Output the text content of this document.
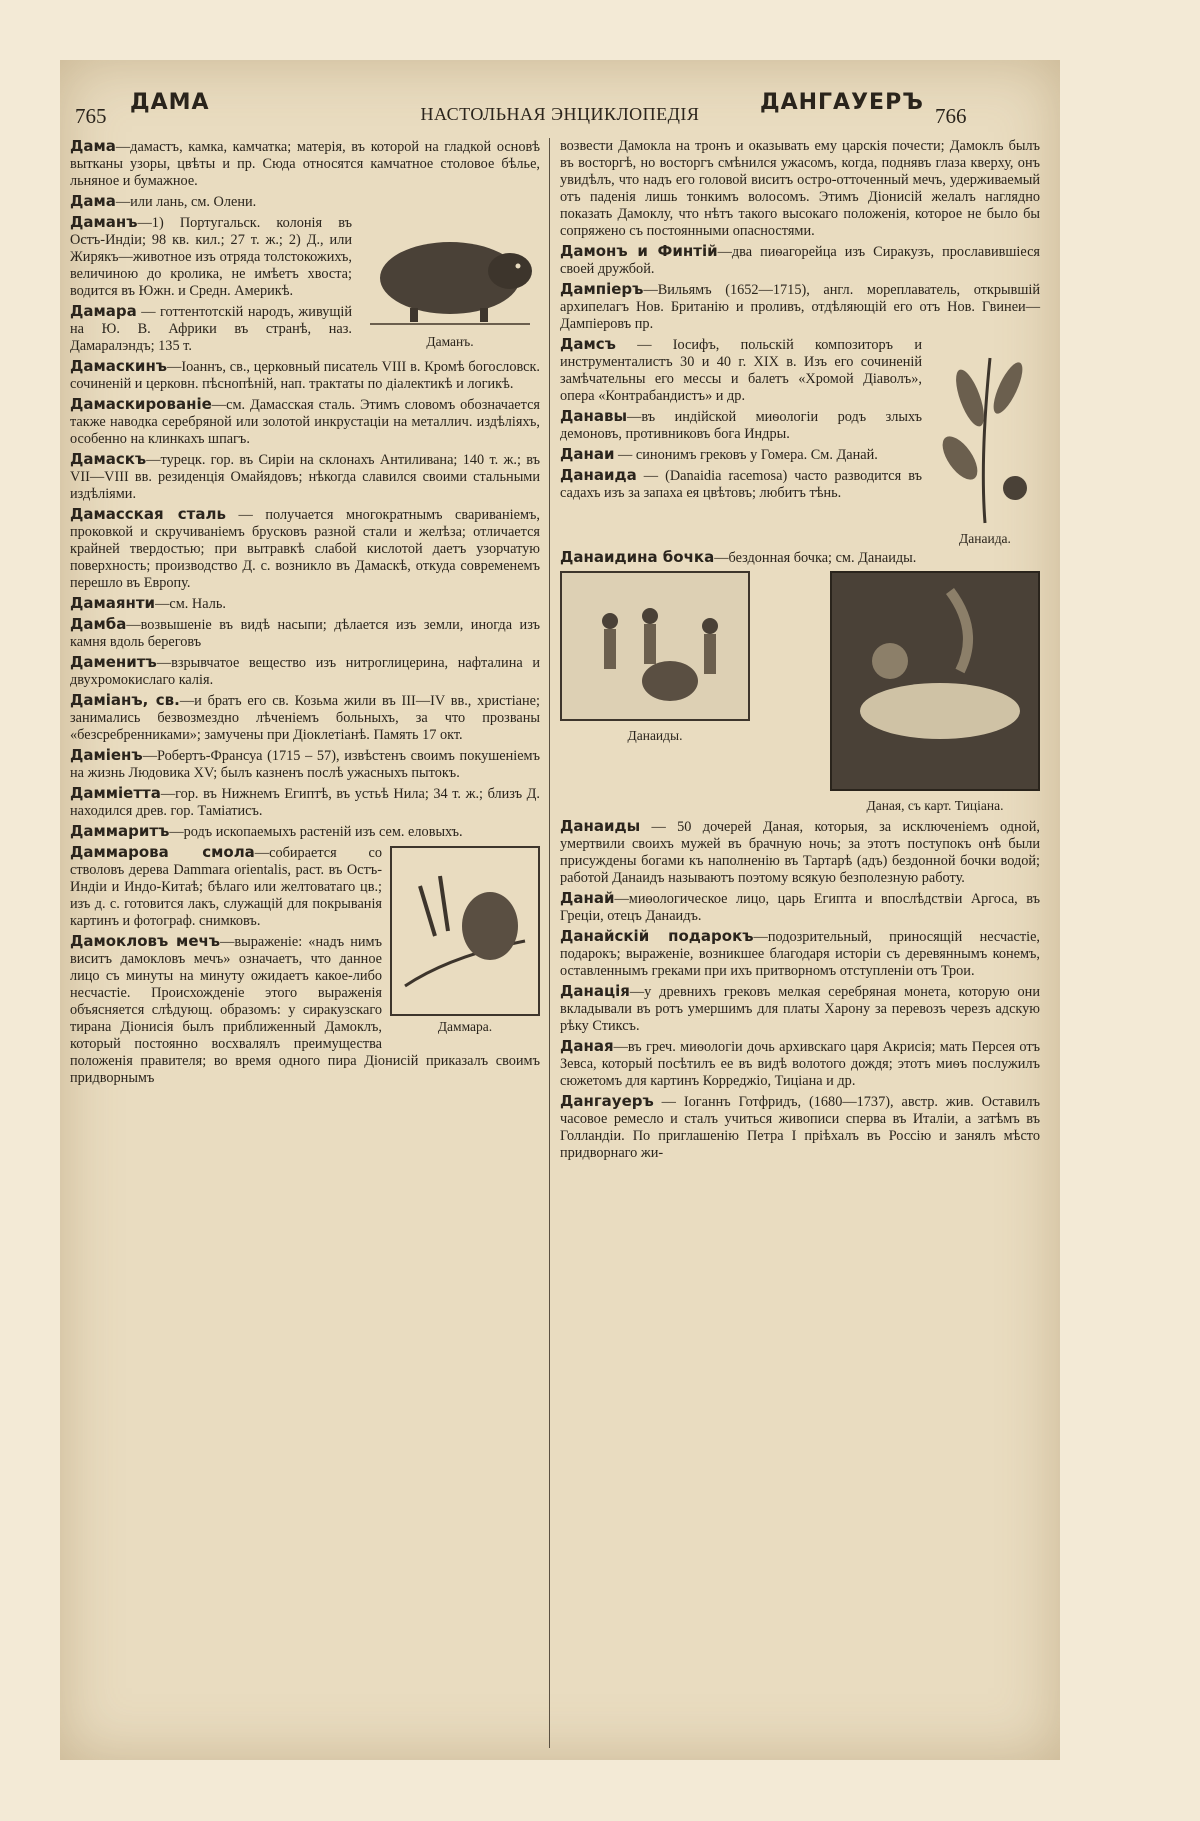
ДАМА	ДАНГАУЕРЪ
765	766
НАСТОЛЬНАЯ ЭНЦИКЛОПЕДІЯ

Дама—дамастъ, камка, камчатка; матерія, въ которой на гладкой основѣ вытканы узоры, цвѣты и пр. Сюда относятся камчатное столовое бѣлье, льняное и бумажное.

Дама—или лань, см. Олени.

Даманъ.

Даманъ—1) Португальск. колонія въ Остъ-Индіи; 98 кв. кил.; 27 т. ж.; 2) Д., или Жирякъ—животное изъ отряда толстокожихъ, величиною до кролика, не имѣетъ хвоста; водится въ Южн. и Средн. Америкѣ.

Дамара — готтентотскій народъ, живущій на Ю. В. Африки въ странѣ, наз. Дамаралэндъ; 135 т.

Дамаскинъ—Іоаннъ, св., церковный писатель VIII в. Кромѣ богословск. сочиненій и церковн. пѣснопѣній, нап. трактаты по діалектикѣ и логикѣ.

Дамаскированіе—см. Дамасская сталь. Этимъ словомъ обозначается также наводка серебряной или золотой инкрустаціи на металлич. издѣліяхъ, особенно на клинкахъ шпагъ.

Дамаскъ—турецк. гор. въ Сиріи на склонахъ Антиливана; 140 т. ж.; въ VII—VIII вв. резиденція Омайядовъ; нѣкогда славился своими стальными издѣліями.

Дамасская сталь — получается многократнымъ свариваніемъ, проковкой и скручиваніемъ брусковъ разной стали и желѣза; отличается крайней твердостью; при вытравкѣ слабой кислотой даетъ узорчатую поверхность; производство Д. с. возникло въ Дамаскѣ, откуда современемъ перешло въ Европу.

Дамаянти—см. Наль.

Дамба—возвышеніе въ видѣ насыпи; дѣлается изъ земли, иногда изъ камня вдоль береговъ

Даменитъ—взрывчатое вещество изъ нитроглицерина, нафталина и двухромокислаго калія.

Даміанъ, св.—и братъ его св. Козьма жили въ III—IV вв., христіане; занимались безвозмездно лѣченіемъ больныхъ, за что прозваны «безсребренниками»; замучены при Діоклетіанѣ. Память 17 окт.

Даміенъ—Робертъ-Франсуа (1715 – 57), извѣстенъ своимъ покушеніемъ на жизнь Людовика XV; былъ казненъ послѣ ужасныхъ пытокъ.

Дамміетта—гор. въ Нижнемъ Египтѣ, въ устьѣ Нила; 34 т. ж.; близъ Д. находился древ. гор. Таміатисъ.

Даммаритъ—родъ ископаемыхъ растеній изъ сем. еловыхъ.

Даммара.

Даммарова смола—собирается со стволовъ дерева Dammara orientalis, раст. въ Остъ-Индіи и Индо-Китаѣ; бѣлаго или желтоватаго цв.; изъ д. с. готовится лакъ, служащій для покрыванія картинъ и фотограф. снимковъ.

Дамокловъ мечъ—выраженіе: «надъ нимъ виситъ дамокловъ мечъ» означаетъ, что данное лицо съ минуты на минуту ожидаетъ какое-либо несчастіе. Происхожденіе этого выраженія объясняется слѣдующ. образомъ: у сиракузскаго тирана Діонисія былъ приближенный Дамоклъ, который постоянно восхвалялъ преимущества положенія правителя; во время одного пира Діонисій приказалъ своимъ придворнымъ

возвести Дамокла на тронъ и оказывать ему царскія почести; Дамоклъ былъ въ восторгѣ, но восторгъ смѣнился ужасомъ, когда, поднявъ глаза кверху, онъ увидѣлъ, что надъ его головой виситъ остро-отточенный мечъ, удерживаемый отъ паденія лишь тонкимъ волосомъ. Этимъ Діонисій желалъ наглядно показать Дамоклу, что нѣтъ такого высокаго положенія, которое не было бы сопряжено съ постоянными опасностями.

Дамонъ и Финтій—два пиѳагорейца изъ Сиракузъ, прославившіеся своей дружбой.

Дампіеръ—Вильямъ (1652—1715), англ. мореплаватель, открывшій архипелагъ Нов. Британію и проливъ, отдѣляющій его отъ Нов. Гвинеи—Дампіеровъ пр.

Данаида.

Дамсъ — Іосифъ, польскій композиторъ и инструменталистъ 30 и 40 г. XIX в. Изъ его сочиненій замѣчательны его мессы и балетъ «Хромой Діаволъ», опера «Контрабандистъ» и др.

Данавы—въ индійской миѳологіи родъ злыхъ демоновъ, противниковъ бога Индры.

Данаи — синонимъ грековъ у Гомера. См. Данай.

Данаида — (Danaidia racemosa) часто разводится въ садахъ изъ за запаха ея цвѣтовъ; любитъ тѣнь.

Данаидина бочка—бездонная бочка; см. Данаиды.

Данаиды.
Даная, съ карт. Тиціана.

Данаиды — 50 дочерей Даная, которыя, за исключеніемъ одной, умертвили своихъ мужей въ брачную ночь; за этотъ поступокъ онѣ были приcуждены богами къ наполненію въ Тартарѣ (адъ) бездонной бочки водой; работой Данаидъ называютъ поэтому всякую безполезную работу.

Данай—миѳологическое лицо, царь Египта и впослѣдствіи Аргоса, въ Греціи, отецъ Данаидъ.

Данайскій подарокъ—подозрительный, приносящій несчастіе, подарокъ; выраженіе, возникшее благодаря исторіи съ деревяннымъ конемъ, оставленнымъ греками при ихъ притворномъ отступленіи отъ Трои.

Данація—у древнихъ грековъ мелкая серебряная монета, которую они вкладывали въ ротъ умершимъ для платы Харону за перевозъ черезъ адскую рѣку Стиксъ.

Даная—въ греч. миѳологіи дочь архивскаго царя Акрисія; мать Персея отъ Зевса, который посѣтилъ ее въ видѣ волотого дождя; этотъ миѳъ послужилъ сюжетомъ для картинъ Корреджіо, Тиціана и др.

Дангауеръ — Іоганнъ Готфридъ, (1680—1737), австр. жив. Оставилъ часовое ремесло и сталъ учиться живописи сперва въ Италіи, а затѣмъ въ Голландіи. По приглашенію Петра I пріѣхалъ въ Россію и занялъ мѣсто придворнаго жи-
